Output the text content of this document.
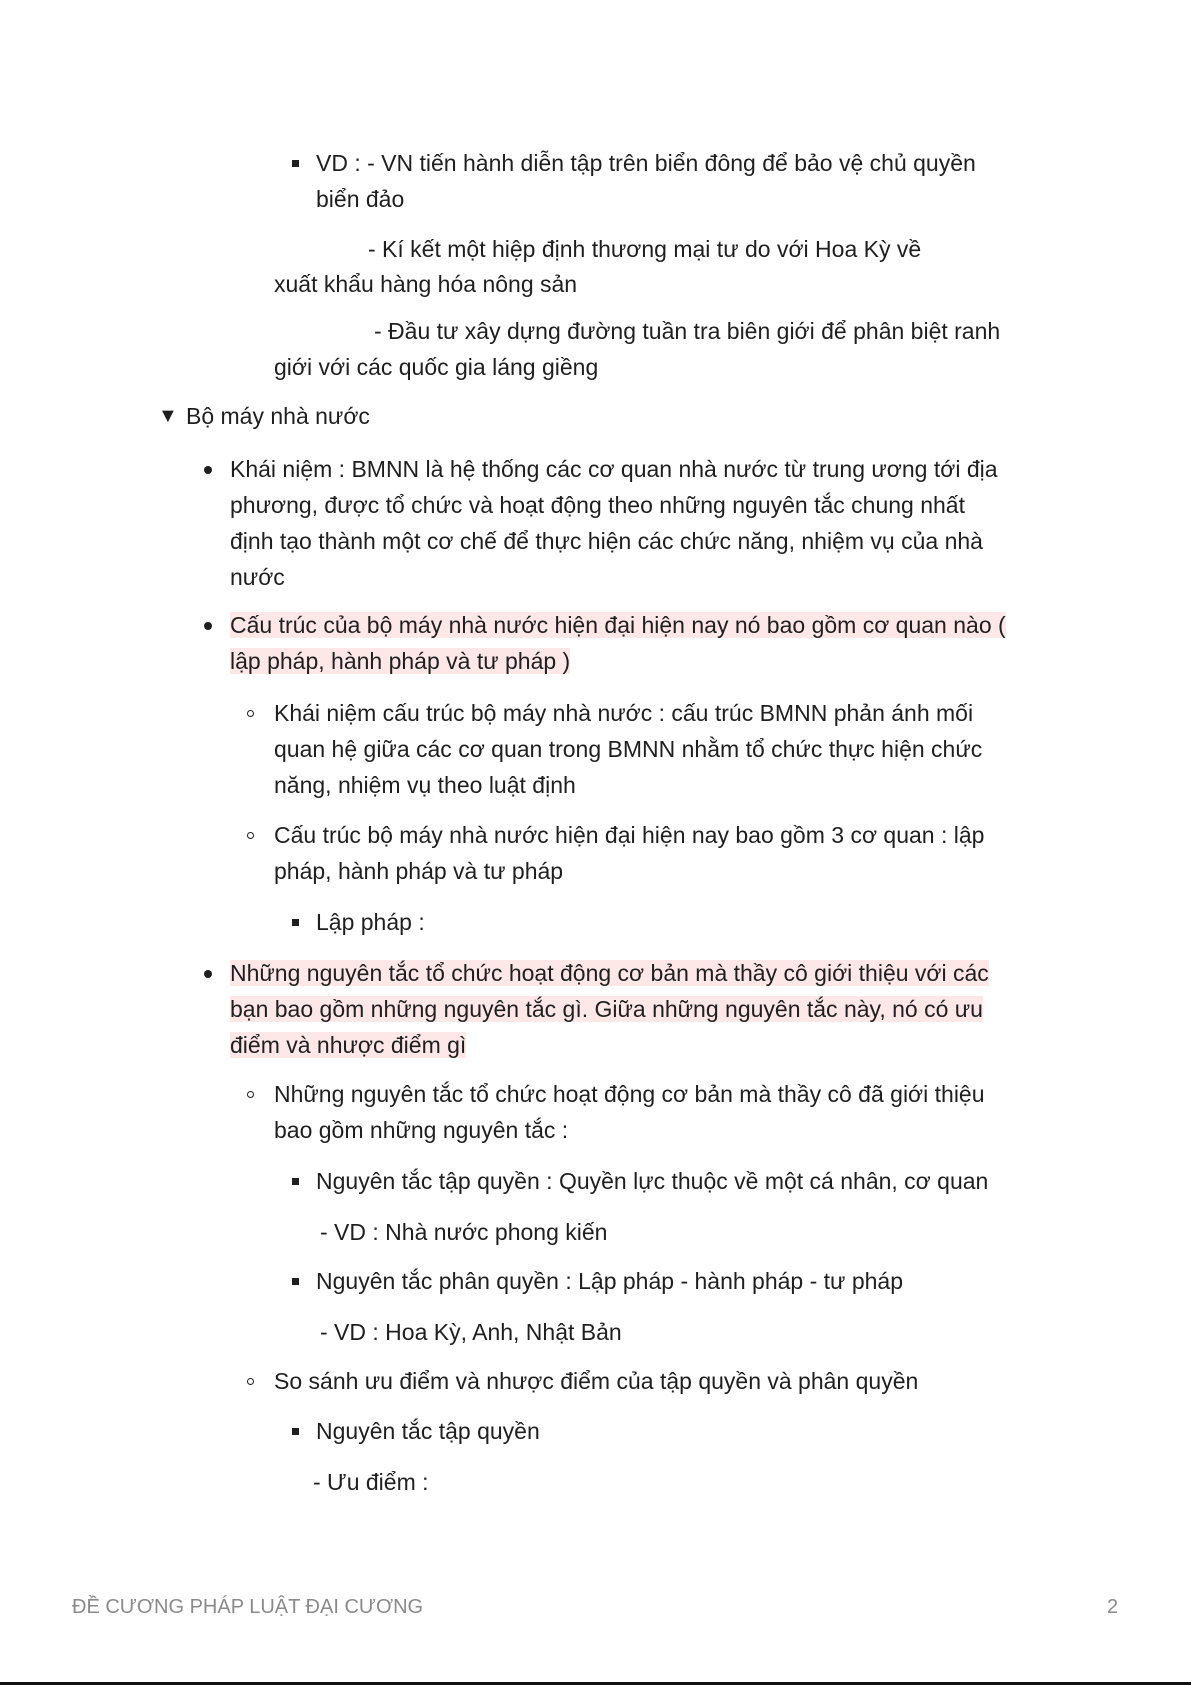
VD : - VN tiến hành diễn tập trên biển đông để bảo vệ chủ quyền
biển đảo
- Kí kết một hiệp định thương mại tư do với Hoa Kỳ về
xuất khẩu hàng hóa nông sản
- Đầu tư xây dựng đường tuần tra biên giới để phân biệt ranh
giới với các quốc gia láng giềng
▼ Bộ máy nhà nước
Khái niệm : BMNN là hệ thống các cơ quan nhà nước từ trung ương tới địa
phương, được tổ chức và hoạt động theo những nguyên tắc chung nhất
định tạo thành một cơ chế để thực hiện các chức năng, nhiệm vụ của nhà
nước
Cấu trúc của bộ máy nhà nước hiện đại hiện nay nó bao gồm cơ quan nào (
lập pháp, hành pháp và tư pháp )
Khái niệm cấu trúc bộ máy nhà nước : cấu trúc BMNN phản ánh mối
quan hệ giữa các cơ quan trong BMNN nhằm tổ chức thực hiện chức
năng, nhiệm vụ theo luật định
Cấu trúc bộ máy nhà nước hiện đại hiện nay bao gồm 3 cơ quan : lập
pháp, hành pháp và tư pháp
Lập pháp :
Những nguyên tắc tổ chức hoạt động cơ bản mà thầy cô giới thiệu với các
bạn bao gồm những nguyên tắc gì. Giữa những nguyên tắc này, nó có ưu
điểm và nhược điểm gì
Những nguyên tắc tổ chức hoạt động cơ bản mà thầy cô đã giới thiệu
bao gồm những nguyên tắc :
Nguyên tắc tập quyền : Quyền lực thuộc về một cá nhân, cơ quan
- VD : Nhà nước phong kiến
Nguyên tắc phân quyền : Lập pháp - hành pháp - tư pháp
- VD : Hoa Kỳ, Anh, Nhật Bản
So sánh ưu điểm và nhược điểm của tập quyền và phân quyền
Nguyên tắc tập quyền
- Ưu điểm :
ĐỀ CƯƠNG PHÁP LUẬT ĐẠI CƯƠNG	2
